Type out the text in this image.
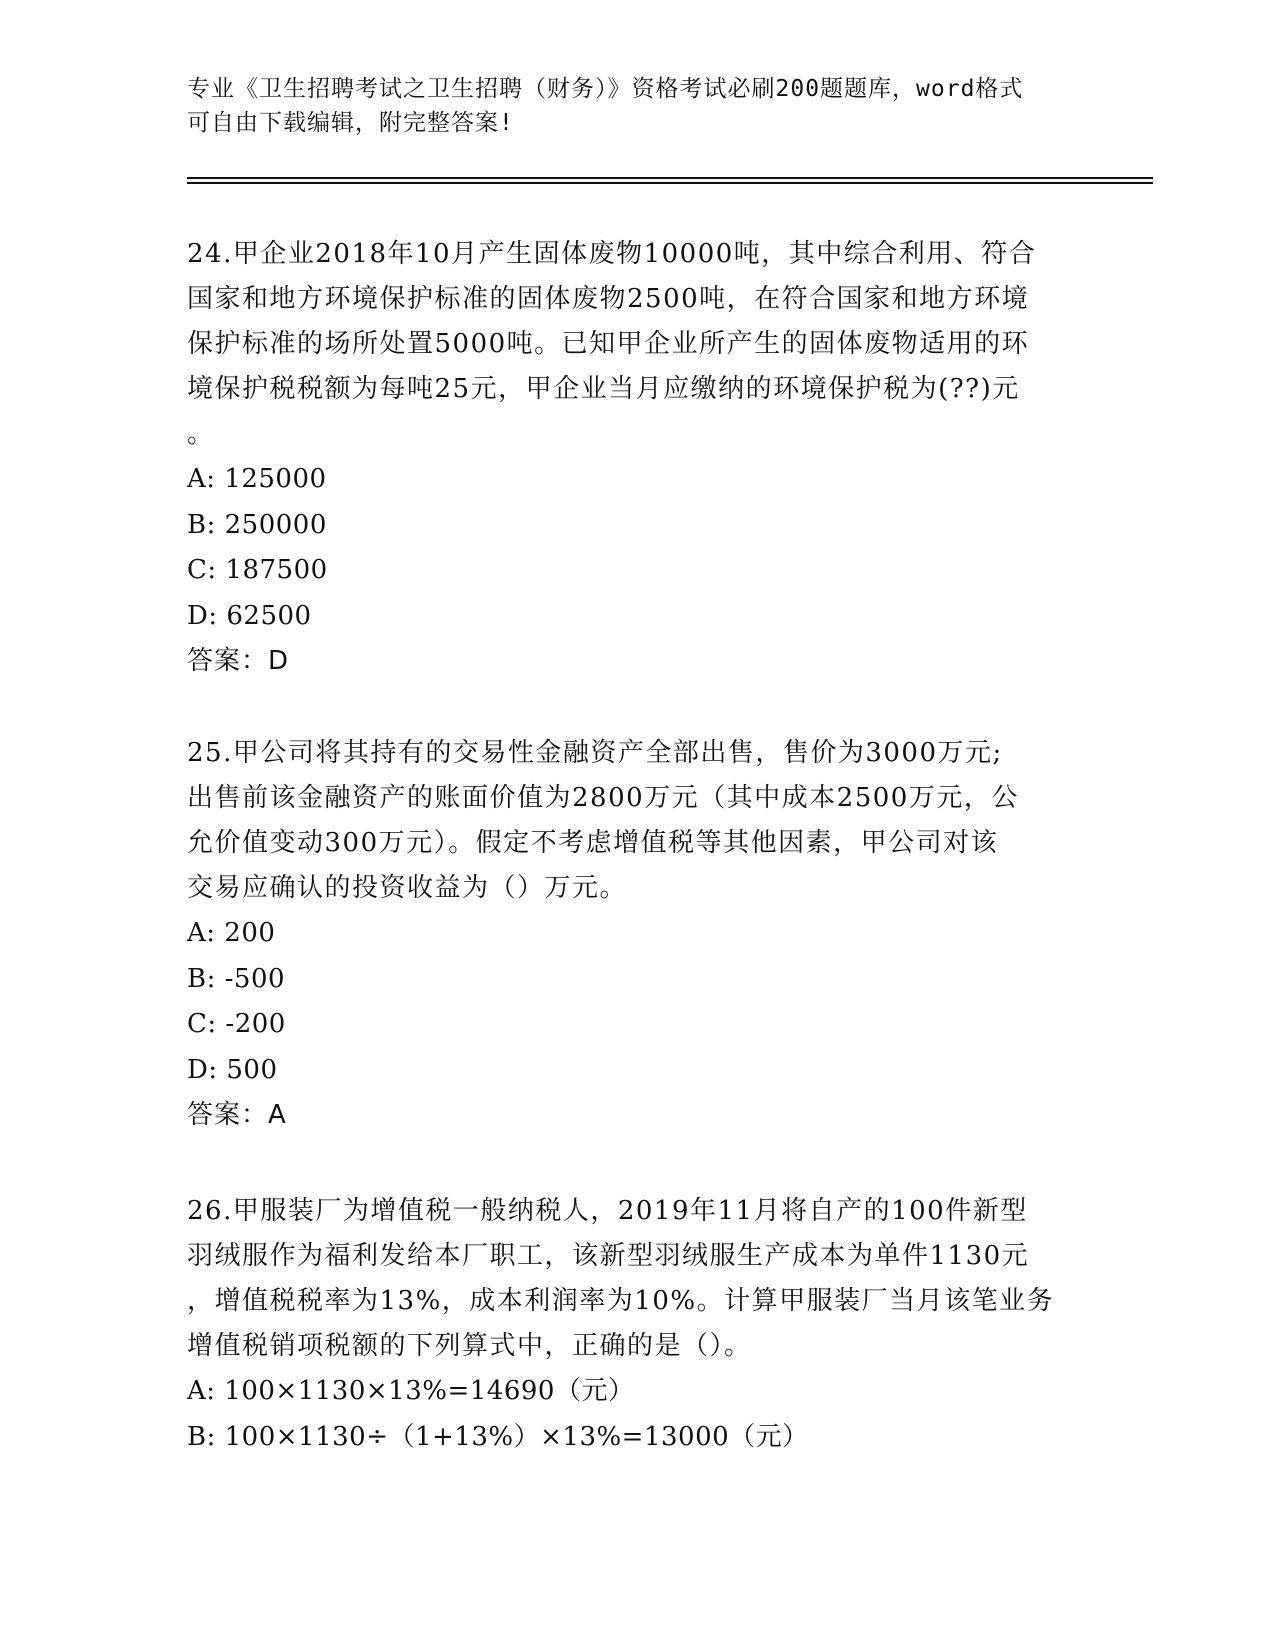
专业《卫生招聘考试之卫生招聘（财务）》资格考试必刷200题题库，word格式
可自由下载编辑，附完整答案!

24.甲企业2018年10月产生固体废物10000吨，其中综合利用、符合

国家和地方环境保护标准的固体废物2500吨，在符合国家和地方环境

保护标准的场所处置5000吨。已知甲企业所产生的固体废物适用的环

境保护税税额为每吨25元，甲企业当月应缴纳的环境保护税为(??)元

。

A: 125000

B: 250000

C: 187500

D: 62500

答案：D

25.甲公司将其持有的交易性金融资产全部出售，售价为3000万元;

出售前该金融资产的账面价值为2800万元（其中成本2500万元，公

允价值变动300万元）。假定不考虑增值税等其他因素，甲公司对该

交易应确认的投资收益为（）万元。

A: 200

B: -500

C: -200

D: 500

答案：A

26.甲服装厂为增值税一般纳税人，2019年11月将自产的100件新型

羽绒服作为福利发给本厂职工，该新型羽绒服生产成本为单件1130元

，增值税税率为13%，成本利润率为10%。计算甲服装厂当月该笔业务

增值税销项税额的下列算式中，正确的是（）。

A: 100×1130×13%=14690（元）

B: 100×1130÷（1+13%）×13%=13000（元）
